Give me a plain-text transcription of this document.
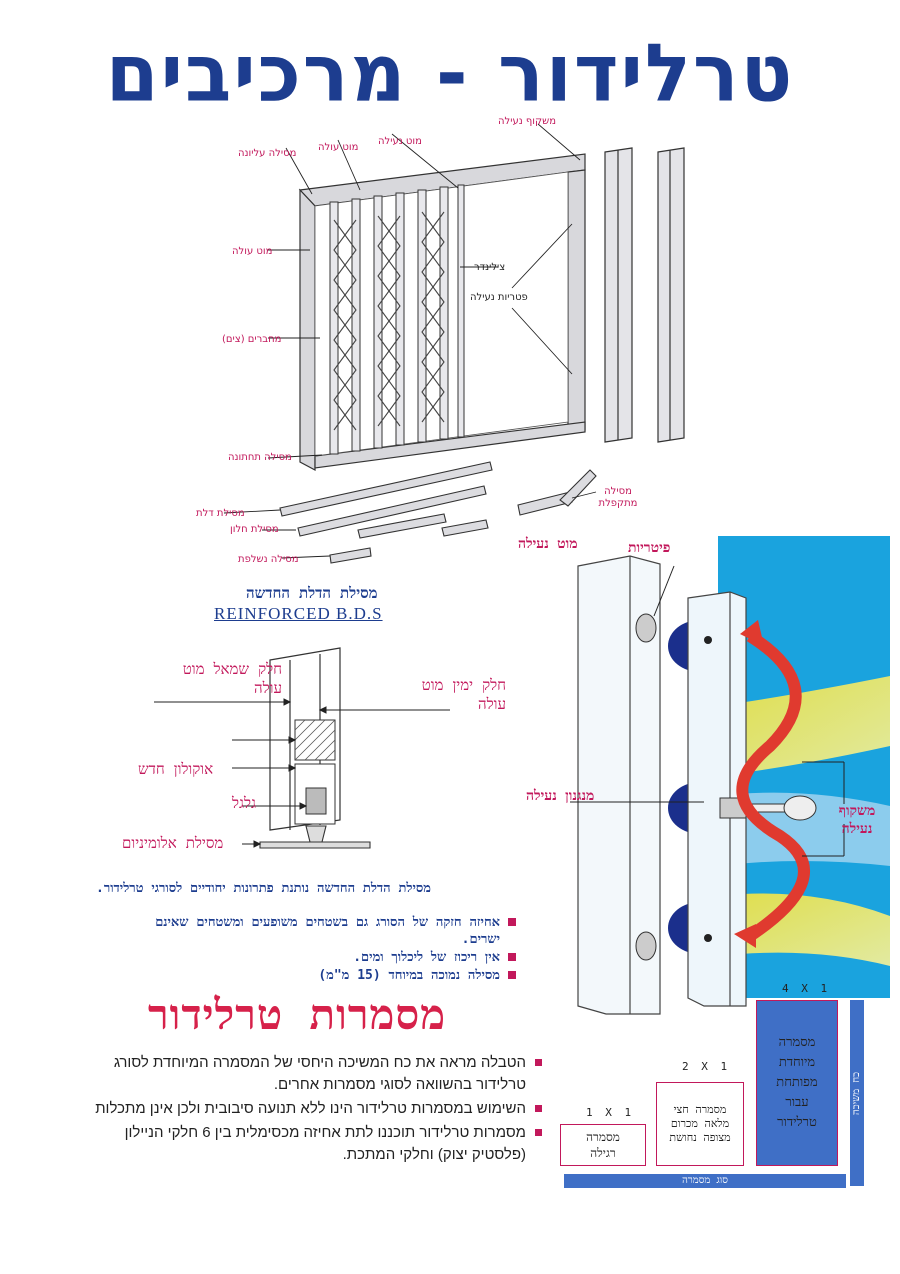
טרלידור - מרכיבים
משקוף נעילה
מוט נעילה
מוט עולה
מסילה עליונה
מוט עולה
מחברים (צים)
מסילה תחתונה
צילינדר
פטריות נעילה
מסילת דלת
מסילת חלון
מסילה נשלפת
מסילה מתקפלת
מסילת הדלת החדשה
REINFORCED B.D.S
חלק שמאל מוט עולה	חלק ימין מוט עולה
אוקולון חדש
גלגל
מסילת אלומיניום
מוט נעילה	פיטריות
מנגנון נעילה
משקוף נעילה
מסילת הדלת החדשה נותנת פתרונות יחודיים לסורגי טרלידור.
אחיזה חזקה של הסורג גם בשטחים משופעים ומשטחים שאינם ישרים.
אין ריכוז של ליכלוך ומים.
מסילה נמוכה במיוחד (15 מ"מ)
מסמרות טרלידור
הטבלה מראה את כח המשיכה היחסי של המסמרה המיוחדת לסורג טרלידור בהשוואה לסוגי מסמרות אחרים.
השימוש במסמרות טרלידור הינו ללא תנועה סיבובית ולכן אינן מתכלות
מסמרות טרלידור תוכננו לתת אחיזה מכסימלית בין 6 חלקי הניילון (פלסטיק יצוק) וחלקי המתכת.
כח משיכה
סוג מסמרה
1 X 1
מסמרה רגילה
2 X 1
מסמרה חצי מלאה מכרום מצופה נחושת
4 X 1
מסמרה מיוחדת מפותחת עבור טרלידור
